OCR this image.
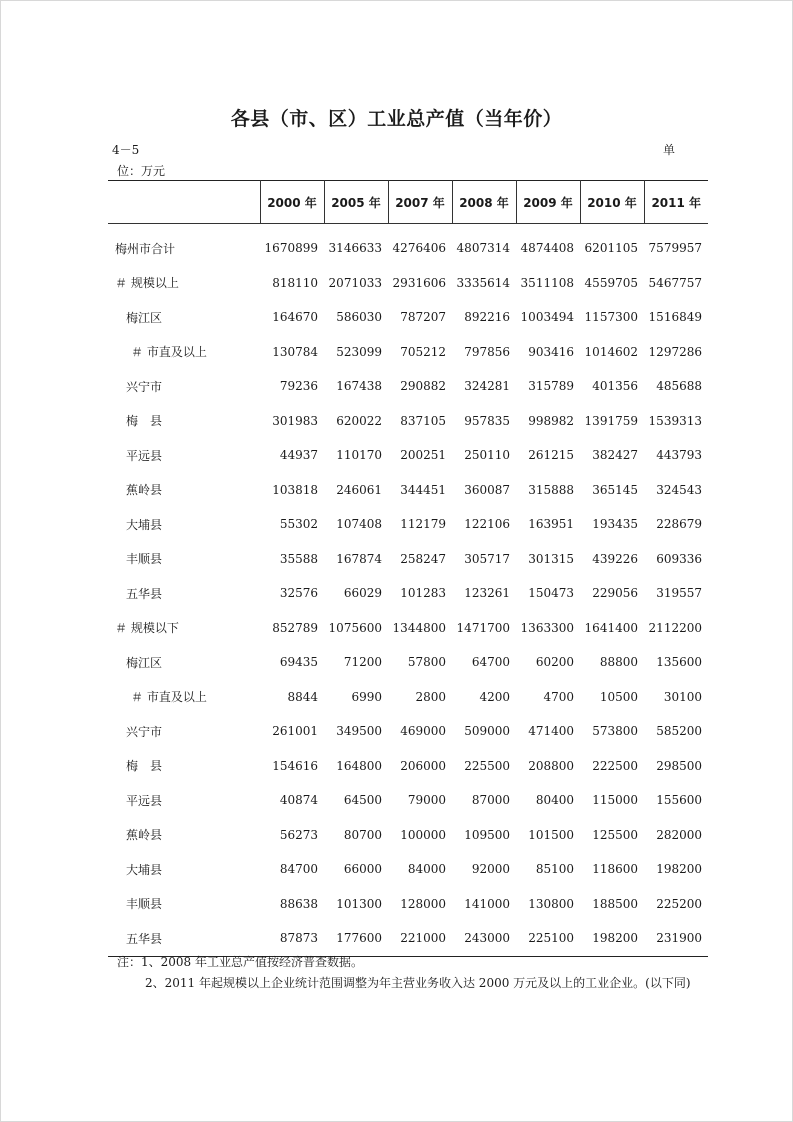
各县（市、区）工业总产值（当年价）
4－5	单
位：万元
	2000 年	2005 年	2007 年	2008 年	2009 年	2010 年	2011 年
梅州市合计	1670899	3146633	4276406	4807314	4874408	6201105	7579957
＃ 规模以上	818110	2071033	2931606	3335614	3511108	4559705	5467757
梅江区	164670	586030	787207	892216	1003494	1157300	1516849
＃ 市直及以上	130784	523099	705212	797856	903416	1014602	1297286
兴宁市	79236	167438	290882	324281	315789	401356	485688
梅　县	301983	620022	837105	957835	998982	1391759	1539313
平远县	44937	110170	200251	250110	261215	382427	443793
蕉岭县	103818	246061	344451	360087	315888	365145	324543
大埔县	55302	107408	112179	122106	163951	193435	228679
丰顺县	35588	167874	258247	305717	301315	439226	609336
五华县	32576	66029	101283	123261	150473	229056	319557
＃ 规模以下	852789	1075600	1344800	1471700	1363300	1641400	2112200
梅江区	69435	71200	57800	64700	60200	88800	135600
＃ 市直及以上	8844	6990	2800	4200	4700	10500	30100
兴宁市	261001	349500	469000	509000	471400	573800	585200
梅　县	154616	164800	206000	225500	208800	222500	298500
平远县	40874	64500	79000	87000	80400	115000	155600
蕉岭县	56273	80700	100000	109500	101500	125500	282000
大埔县	84700	66000	84000	92000	85100	118600	198200
丰顺县	88638	101300	128000	141000	130800	188500	225200
五华县	87873	177600	221000	243000	225100	198200	231900
注：1、2008 年工业总产值按经济普查数据。
2、2011 年起规模以上企业统计范围调整为年主营业务收入达 2000 万元及以上的工业企业。(以下同)
